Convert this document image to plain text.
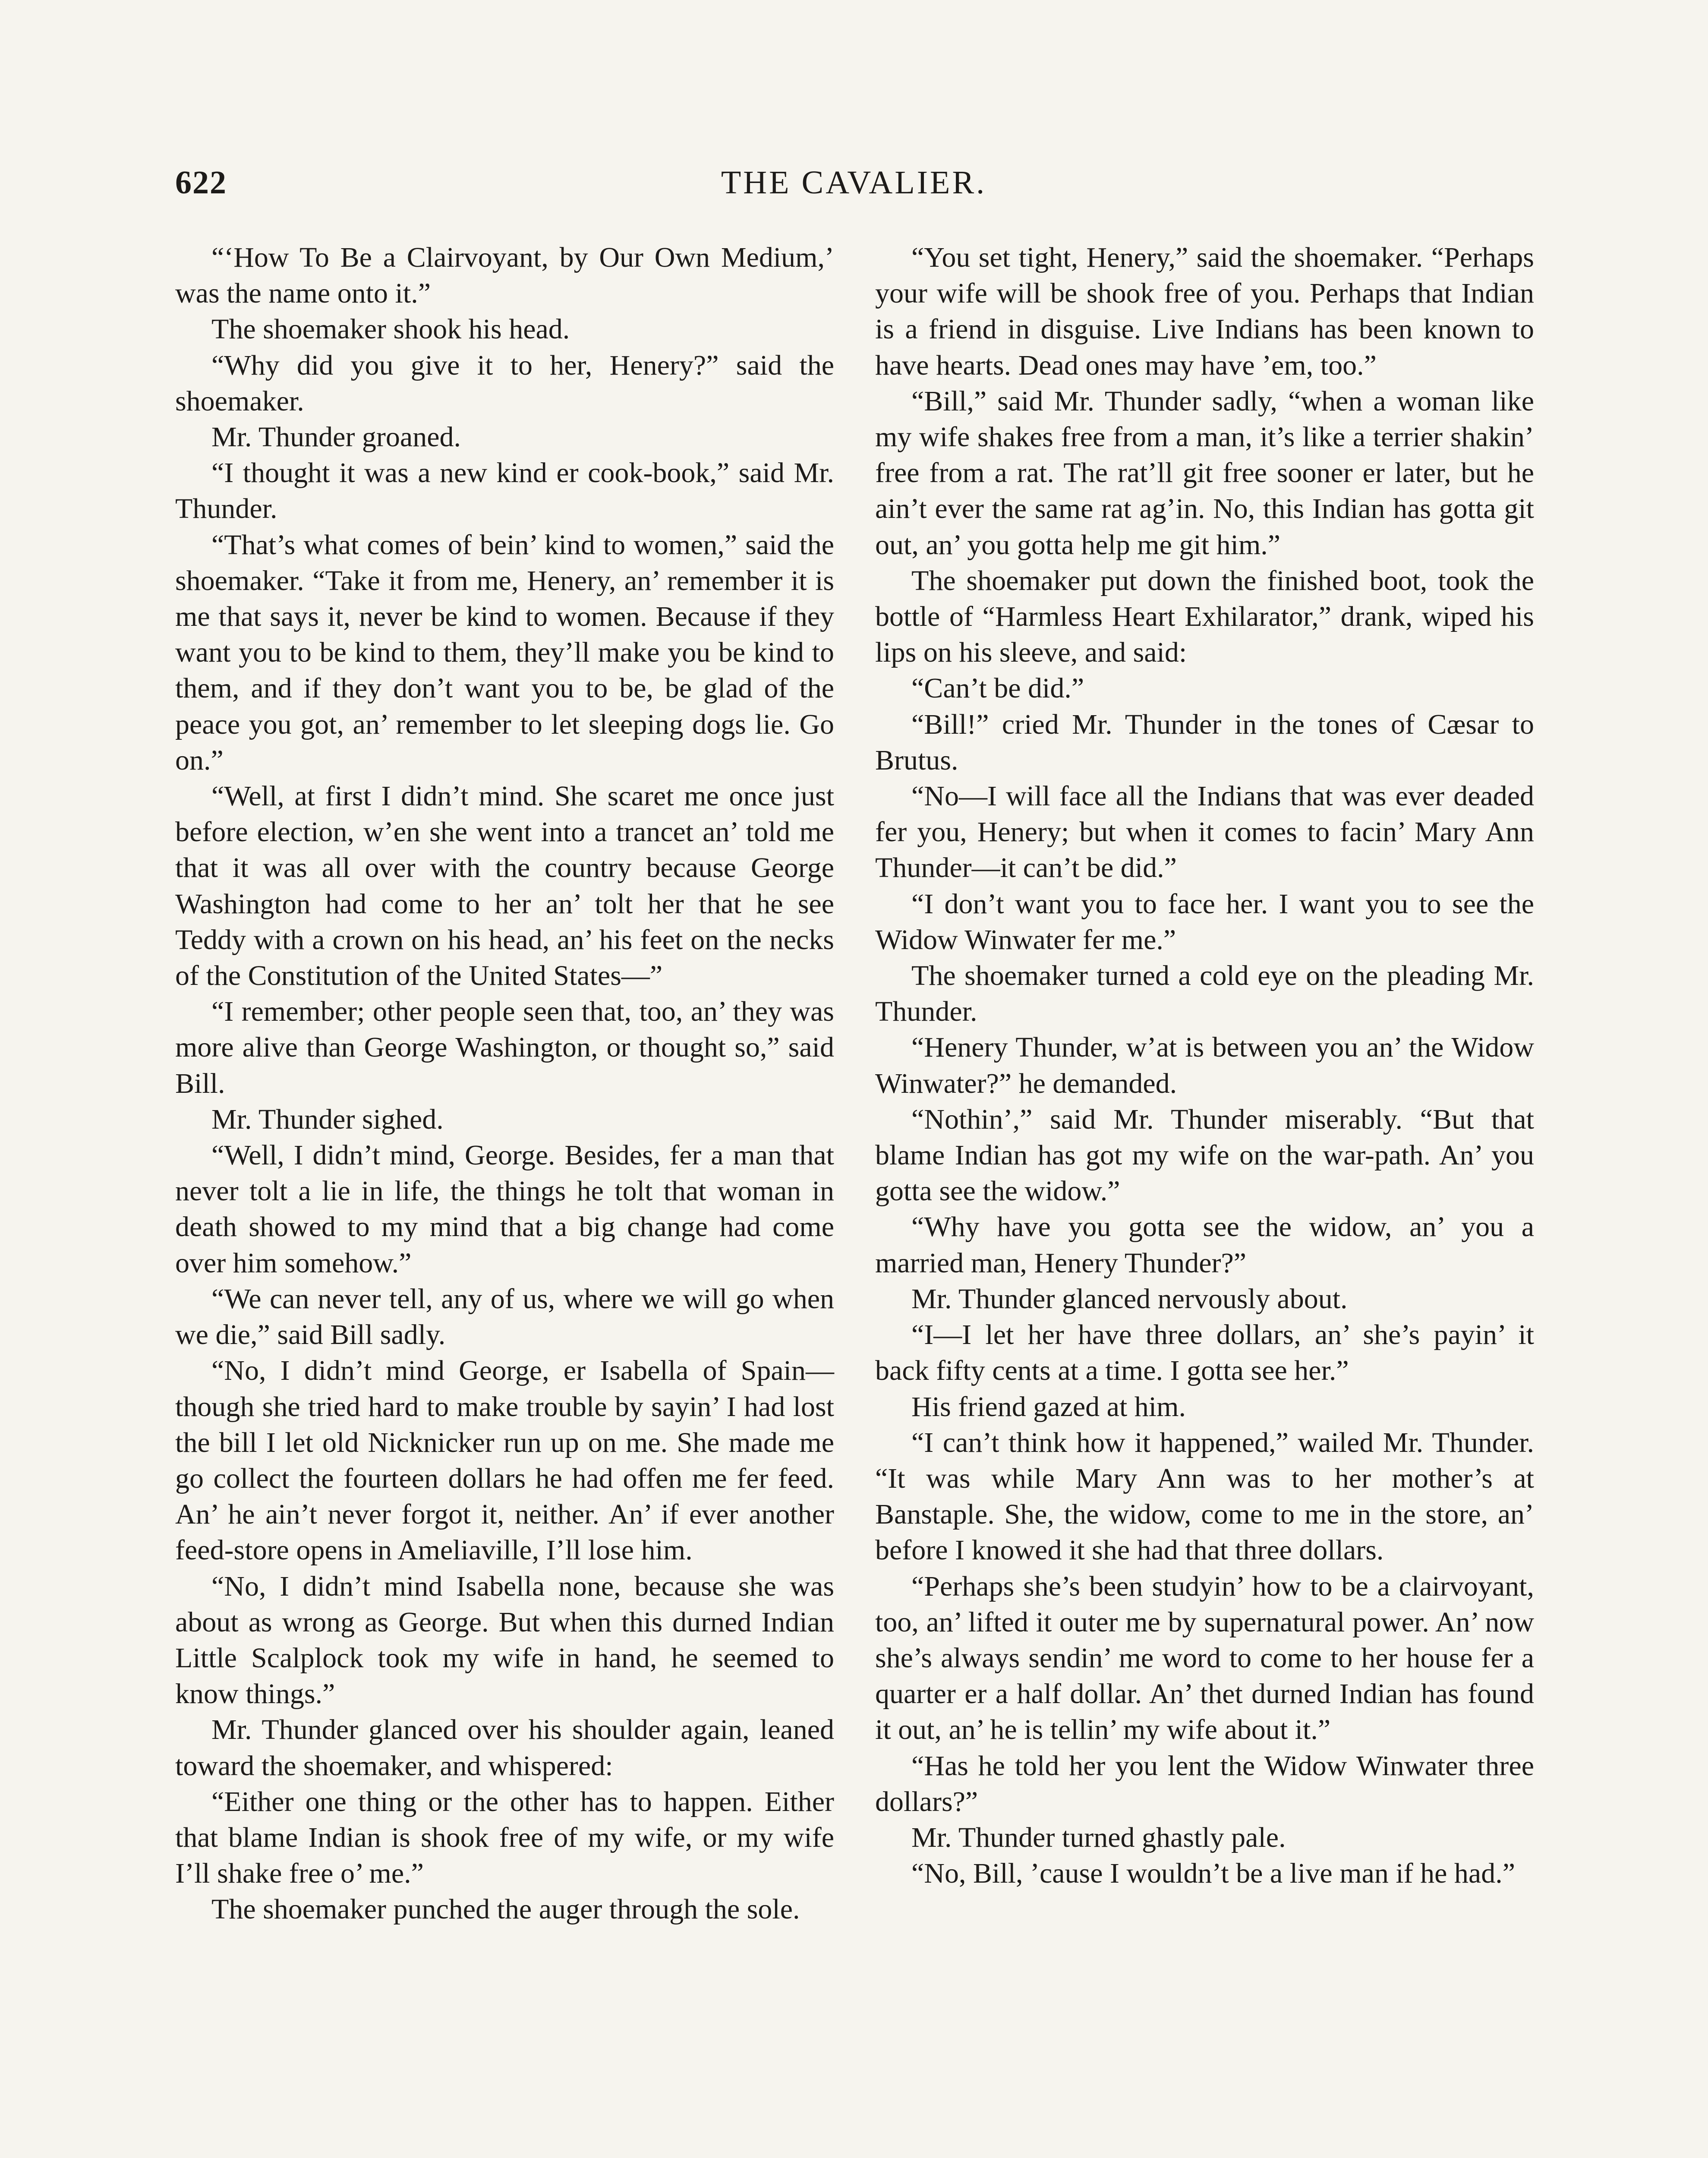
622	THE CAVALIER.

“‘How To Be a Clairvoyant, by Our Own Medium,’ was the name onto it.”

The shoemaker shook his head.

“Why did you give it to her, Henery?” said the shoemaker.

Mr. Thunder groaned.

“I thought it was a new kind er cook-book,” said Mr. Thunder.

“That’s what comes of bein’ kind to women,” said the shoemaker. “Take it from me, Henery, an’ remember it is me that says it, never be kind to women. Because if they want you to be kind to them, they’ll make you be kind to them, and if they don’t want you to be, be glad of the peace you got, an’ remember to let sleeping dogs lie. Go on.”

“Well, at first I didn’t mind. She scaret me once just before election, w’en she went into a trancet an’ told me that it was all over with the country because George Washington had come to her an’ tolt her that he see Teddy with a crown on his head, an’ his feet on the necks of the Constitution of the United States—”

“I remember; other people seen that, too, an’ they was more alive than George Washington, or thought so,” said Bill.

Mr. Thunder sighed.

“Well, I didn’t mind, George. Besides, fer a man that never tolt a lie in life, the things he tolt that woman in death showed to my mind that a big change had come over him somehow.”

“We can never tell, any of us, where we will go when we die,” said Bill sadly.

“No, I didn’t mind George, er Isabella of Spain—though she tried hard to make trouble by sayin’ I had lost the bill I let old Nicknicker run up on me. She made me go collect the fourteen dollars he had offen me fer feed. An’ he ain’t never forgot it, neither. An’ if ever another feed-store opens in Ameliaville, I’ll lose him.

“No, I didn’t mind Isabella none, because she was about as wrong as George. But when this durned Indian Little Scalplock took my wife in hand, he seemed to know things.”

Mr. Thunder glanced over his shoulder again, leaned toward the shoemaker, and whispered:

“Either one thing or the other has to happen. Either that blame Indian is shook free of my wife, or my wife I’ll shake free o’ me.”

The shoemaker punched the auger through the sole.

“You set tight, Henery,” said the shoemaker. “Perhaps your wife will be shook free of you. Perhaps that Indian is a friend in disguise. Live Indians has been known to have hearts. Dead ones may have ’em, too.”

“Bill,” said Mr. Thunder sadly, “when a woman like my wife shakes free from a man, it’s like a terrier shakin’ free from a rat. The rat’ll git free sooner er later, but he ain’t ever the same rat ag’in. No, this Indian has gotta git out, an’ you gotta help me git him.”

The shoemaker put down the finished boot, took the bottle of “Harmless Heart Exhilarator,” drank, wiped his lips on his sleeve, and said:

“Can’t be did.”

“Bill!” cried Mr. Thunder in the tones of Cæsar to Brutus.

“No—I will face all the Indians that was ever deaded fer you, Henery; but when it comes to facin’ Mary Ann Thunder—it can’t be did.”

“I don’t want you to face her. I want you to see the Widow Winwater fer me.”

The shoemaker turned a cold eye on the pleading Mr. Thunder.

“Henery Thunder, w’at is between you an’ the Widow Winwater?” he demanded.

“Nothin’,” said Mr. Thunder miserably. “But that blame Indian has got my wife on the war-path. An’ you gotta see the widow.”

“Why have you gotta see the widow, an’ you a married man, Henery Thunder?”

Mr. Thunder glanced nervously about.

“I—I let her have three dollars, an’ she’s payin’ it back fifty cents at a time. I gotta see her.”

His friend gazed at him.

“I can’t think how it happened,” wailed Mr. Thunder. “It was while Mary Ann was to her mother’s at Banstaple. She, the widow, come to me in the store, an’ before I knowed it she had that three dollars.

“Perhaps she’s been studyin’ how to be a clairvoyant, too, an’ lifted it outer me by supernatural power. An’ now she’s always sendin’ me word to come to her house fer a quarter er a half dollar. An’ thet durned Indian has found it out, an’ he is tellin’ my wife about it.”

“Has he told her you lent the Widow Winwater three dollars?”

Mr. Thunder turned ghastly pale.

“No, Bill, ’cause I wouldn’t be a live man if he had.”
